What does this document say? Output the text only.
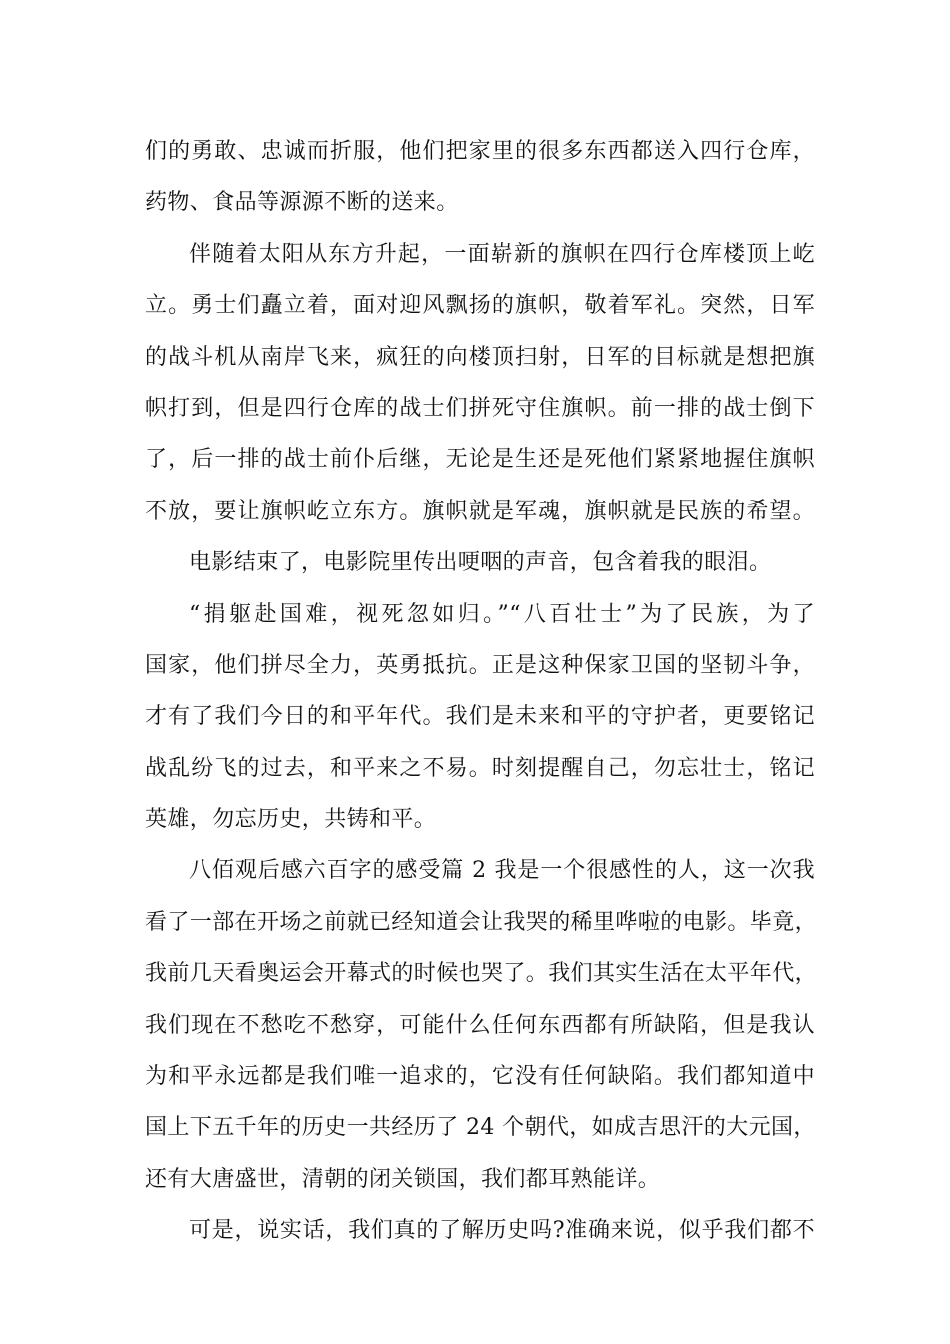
们的勇敢、忠诚而折服，他们把家里的很多东西都送入四行仓库，
药物、食品等源源不断的送来。
伴随着太阳从东方升起，一面崭新的旗帜在四行仓库楼顶上屹
立。勇士们矗立着，面对迎风飘扬的旗帜，敬着军礼。突然，日军
的战斗机从南岸飞来，疯狂的向楼顶扫射，日军的目标就是想把旗
帜打到，但是四行仓库的战士们拼死守住旗帜。前一排的战士倒下
了，后一排的战士前仆后继，无论是生还是死他们紧紧地握住旗帜
不放，要让旗帜屹立东方。旗帜就是军魂，旗帜就是民族的希望。
电影结束了，电影院里传出哽咽的声音，包含着我的眼泪。
“捐躯赴国难，视死忽如归。”“八百壮士”为了民族，为了
国家，他们拼尽全力，英勇抵抗。正是这种保家卫国的坚韧斗争，
才有了我们今日的和平年代。我们是未来和平的守护者，更要铭记
战乱纷飞的过去，和平来之不易。时刻提醒自己，勿忘壮士，铭记
英雄，勿忘历史，共铸和平。
八佰观后感六百字的感受篇 2 我是一个很感性的人，这一次我
看了一部在开场之前就已经知道会让我哭的稀里哗啦的电影。毕竟，
我前几天看奥运会开幕式的时候也哭了。我们其实生活在太平年代，
我们现在不愁吃不愁穿，可能什么任何东西都有所缺陷，但是我认
为和平永远都是我们唯一追求的，它没有任何缺陷。我们都知道中
国上下五千年的历史一共经历了 24 个朝代，如成吉思汗的大元国，
还有大唐盛世，清朝的闭关锁国，我们都耳熟能详。
可是，说实话，我们真的了解历史吗?准确来说，似乎我们都不
